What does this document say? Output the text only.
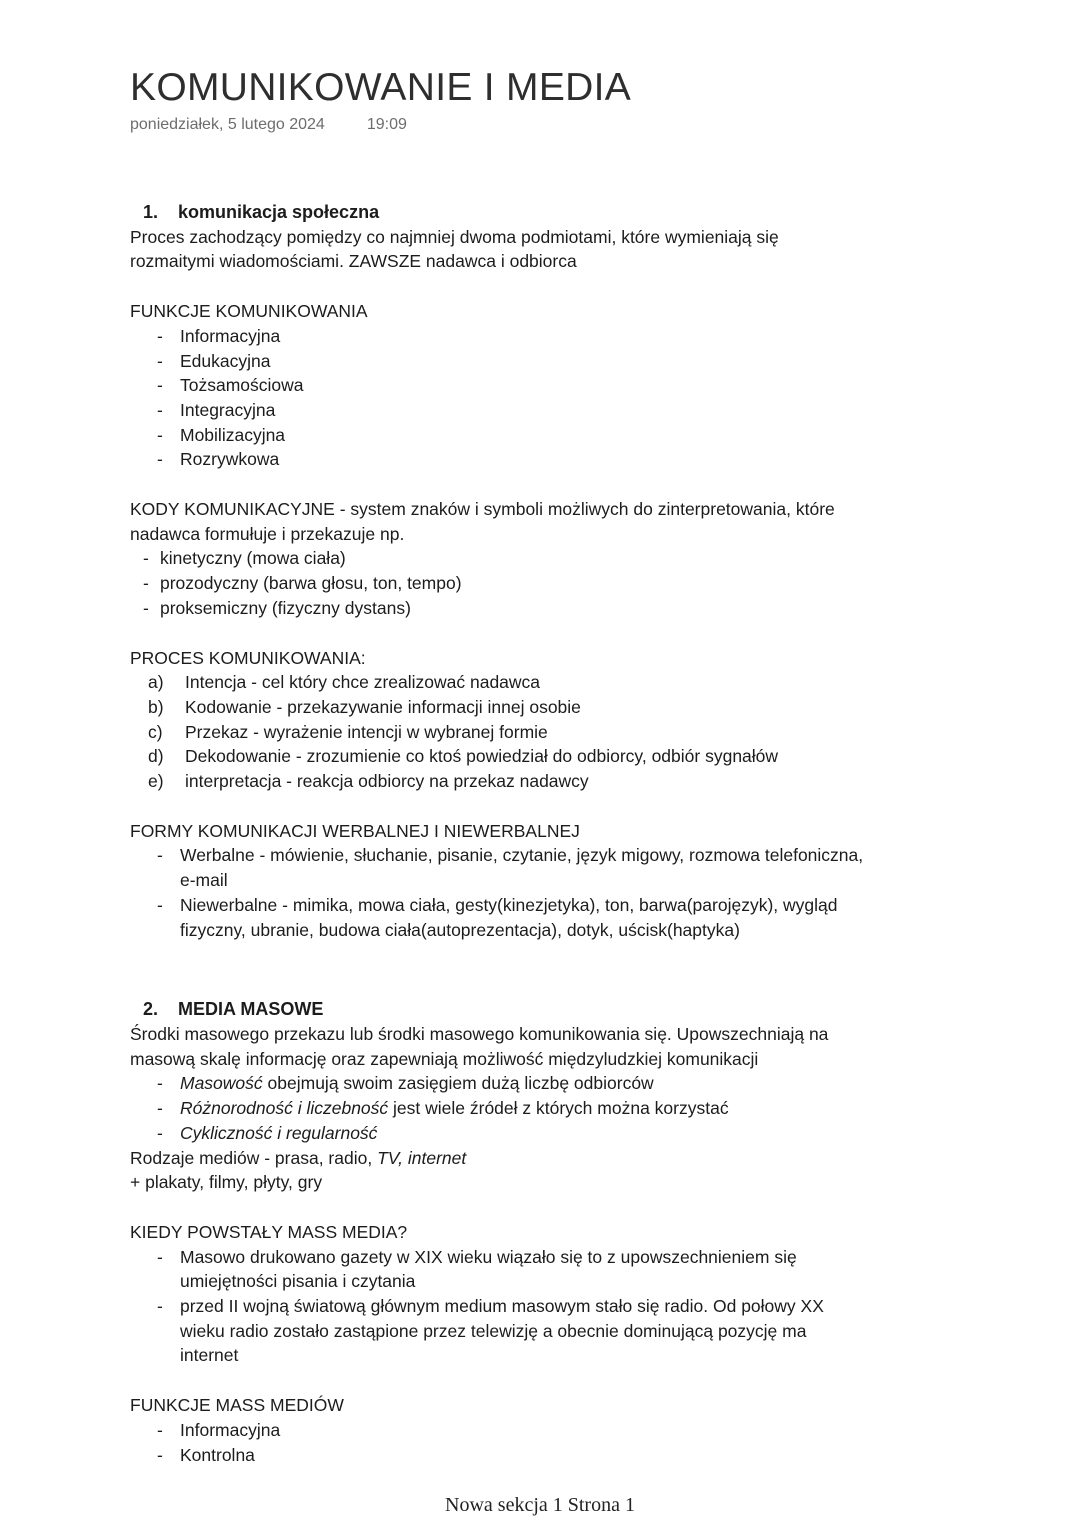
KOMUNIKOWANIE I MEDIA
poniedziałek, 5 lutego 2024	19:09
1.	komunikacja społeczna

Proces zachodzący pomiędzy co najmniej dwoma podmiotami, które wymieniają się rozmaitymi wiadomościami. ZAWSZE nadawca i odbiorca

FUNKCJE KOMUNIKOWANIA

- Informacyjna
- Edukacyjna
- Tożsamościowa
- Integracyjna
- Mobilizacyjna
- Rozrywkowa

KODY KOMUNIKACYJNE - system znaków i symboli możliwych do zinterpretowania, które nadawca formułuje i przekazuje np.

- kinetyczny (mowa ciała)
- prozodyczny (barwa głosu, ton, tempo)
- proksemiczny (fizyczny dystans)

PROCES KOMUNIKOWANIA:

a)	Intencja - cel który chce zrealizować nadawca
b)	Kodowanie - przekazywanie informacji innej osobie
c)	Przekaz - wyrażenie intencji w wybranej formie
d)	Dekodowanie - zrozumienie co ktoś powiedział do odbiorcy, odbiór sygnałów
e)	interpretacja - reakcja odbiorcy na przekaz nadawcy

FORMY KOMUNIKACJI WERBALNEJ I NIEWERBALNEJ

- Werbalne - mówienie, słuchanie, pisanie, czytanie, język migowy, rozmowa telefoniczna, e-mail
- Niewerbalne - mimika, mowa ciała, gesty(kinezjetyka), ton, barwa(parojęzyk), wygląd fizyczny, ubranie, budowa ciała(autoprezentacja), dotyk, uścisk(haptyka)
2.	MEDIA MASOWE

Środki masowego przekazu lub środki masowego komunikowania się. Upowszechniają na masową skalę informację oraz zapewniają możliwość międzyludzkiej komunikacji

- Masowość obejmują swoim zasięgiem dużą liczbę odbiorców
- Różnorodność i liczebność jest wiele źródeł z których można korzystać
- Cykliczność i regularność

Rodzaje mediów - prasa, radio, TV, internet

+ plakaty, filmy, płyty, gry

KIEDY POWSTAŁY MASS MEDIA?

- Masowo drukowano gazety w XIX wieku wiązało się to z upowszechnieniem się umiejętności pisania i czytania
- przed II wojną światową głównym medium masowym stało się radio. Od połowy XX wieku radio zostało zastąpione przez telewizję a obecnie dominującą pozycję ma internet

FUNKCJE MASS MEDIÓW

- Informacyjna
- Kontrolna
Nowa sekcja 1 Strona 1
